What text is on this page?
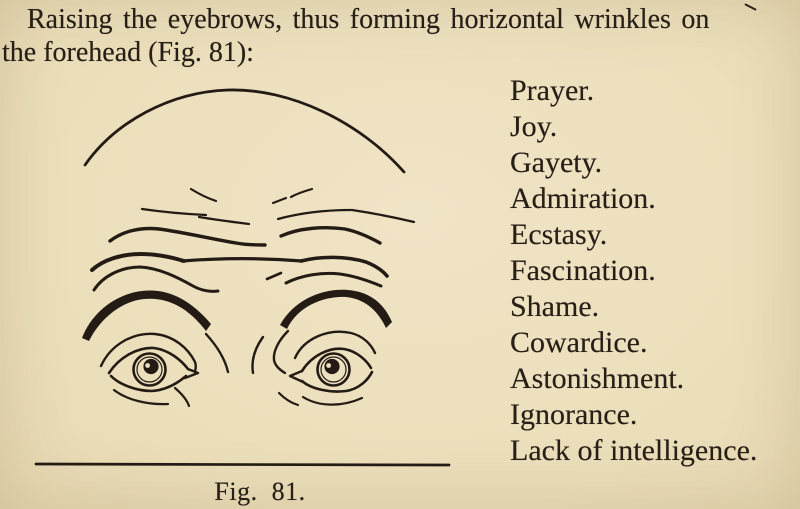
Raising the eyebrows, thus forming horizontal wrinkles on
the forehead (Fig. 81):
Prayer.
Joy.
Gayety.
Admiration.
Ecstasy.
Fascination.
Shame.
Cowardice.
Astonishment.
Ignorance.
Lack of intelligence.
Fig. 81.
